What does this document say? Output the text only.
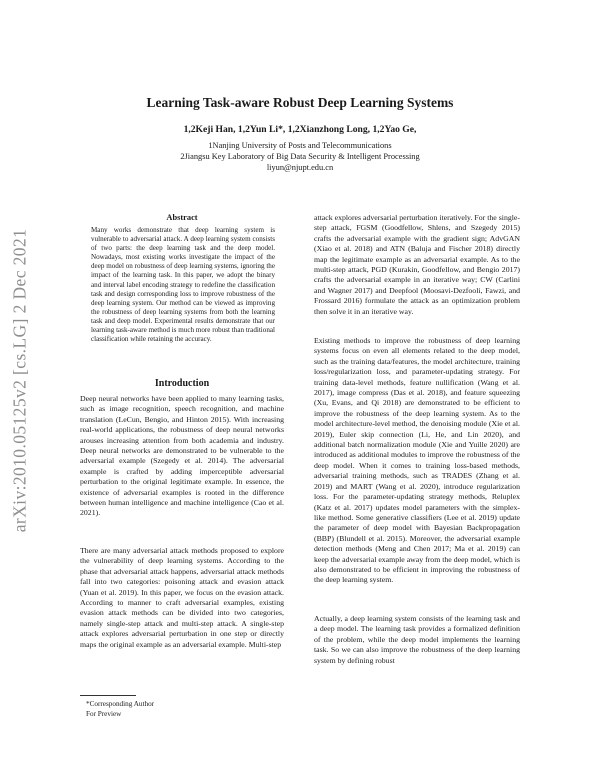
arXiv:2010.05125v2 [cs.LG] 2 Dec 2021
Learning Task-aware Robust Deep Learning Systems
1,2Keji Han, 1,2Yun Li*, 1,2Xianzhong Long, 1,2Yao Ge,
1Nanjing University of Posts and Telecommunications
2Jiangsu Key Laboratory of Big Data Security & Intelligent Processing
liyun@njupt.edu.cn
Abstract
Many works demonstrate that deep learning system is vulnerable to adversarial attack. A deep learning system consists of two parts: the deep learning task and the deep model. Nowadays, most existing works investigate the impact of the deep model on robustness of deep learning systems, ignoring the impact of the learning task. In this paper, we adopt the binary and interval label encoding strategy to redefine the classification task and design corresponding loss to improve robustness of the deep learning system. Our method can be viewed as improving the robustness of deep learning systems from both the learning task and deep model. Experimental results demonstrate that our learning task-aware method is much more robust than traditional classification while retaining the accuracy.
Introduction

Deep neural networks have been applied to many learning tasks, such as image recognition, speech recognition, and machine translation (LeCun, Bengio, and Hinton 2015). With increasing real-world applications, the robustness of deep neural networks arouses increasing attention from both academia and industry. Deep neural networks are demonstrated to be vulnerable to the adversarial example (Szegedy et al. 2014). The adversarial example is crafted by adding imperceptible adversarial perturbation to the original legitimate example. In essence, the existence of adversarial examples is rooted in the difference between human intelligence and machine intelligence (Cao et al. 2021).

There are many adversarial attack methods proposed to explore the vulnerability of deep learning systems. According to the phase that adversarial attack happens, adversarial attack methods fall into two categories: poisoning attack and evasion attack (Yuan et al. 2019). In this paper, we focus on the evasion attack. According to manner to craft adversarial examples, existing evasion attack methods can be divided into two categories, namely single-step attack and multi-step attack. A single-step attack explores adversarial perturbation in one step or directly maps the original example as an adversarial example. Multi-step

attack explores adversarial perturbation iteratively. For the single-step attack, FGSM (Goodfellow, Shlens, and Szegedy 2015) crafts the adversarial example with the gradient sign; AdvGAN (Xiao et al. 2018) and ATN (Baluja and Fischer 2018) directly map the legitimate example as an adversarial example. As to the multi-step attack, PGD (Kurakin, Goodfellow, and Bengio 2017) crafts the adversarial example in an iterative way; CW (Carlini and Wagner 2017) and Deepfool (Moosavi-Dezfooli, Fawzi, and Frossard 2016) formulate the attack as an optimization problem then solve it in an iterative way.

Existing methods to improve the robustness of deep learning systems focus on even all elements related to the deep model, such as the training data/features, the model architecture, training loss/regularization loss, and parameter-updating strategy. For training data-level methods, feature nullification (Wang et al. 2017), image compress (Das et al. 2018), and feature squeezing (Xu, Evans, and Qi 2018) are demonstrated to be efficient to improve the robustness of the deep learning system. As to the model architecture-level method, the denoising module (Xie et al. 2019), Euler skip connection (Li, He, and Lin 2020), and additional batch normalization module (Xie and Yuille 2020) are introduced as additional modules to improve the robustness of the deep model. When it comes to training loss-based methods, adversarial training methods, such as TRADES (Zhang et al. 2019) and MART (Wang et al. 2020), introduce regularization loss. For the parameter-updating strategy methods, Reluplex (Katz et al. 2017) updates model parameters with the simplex-like method. Some generative classifiers (Lee et al. 2019) update the parameter of deep model with Bayesian Backpropagation (BBP) (Blundell et al. 2015). Moreover, the adversarial example detection methods (Meng and Chen 2017; Ma et al. 2019) can keep the adversarial example away from the deep model, which is also demonstrated to be efficient in improving the robustness of the deep learning system.

Actually, a deep learning system consists of the learning task and a deep model. The learning task provides a formalized definition of the problem, while the deep model implements the learning task. So we can also improve the robustness of the deep learning system by defining robust

*Corresponding Author
For Preview
